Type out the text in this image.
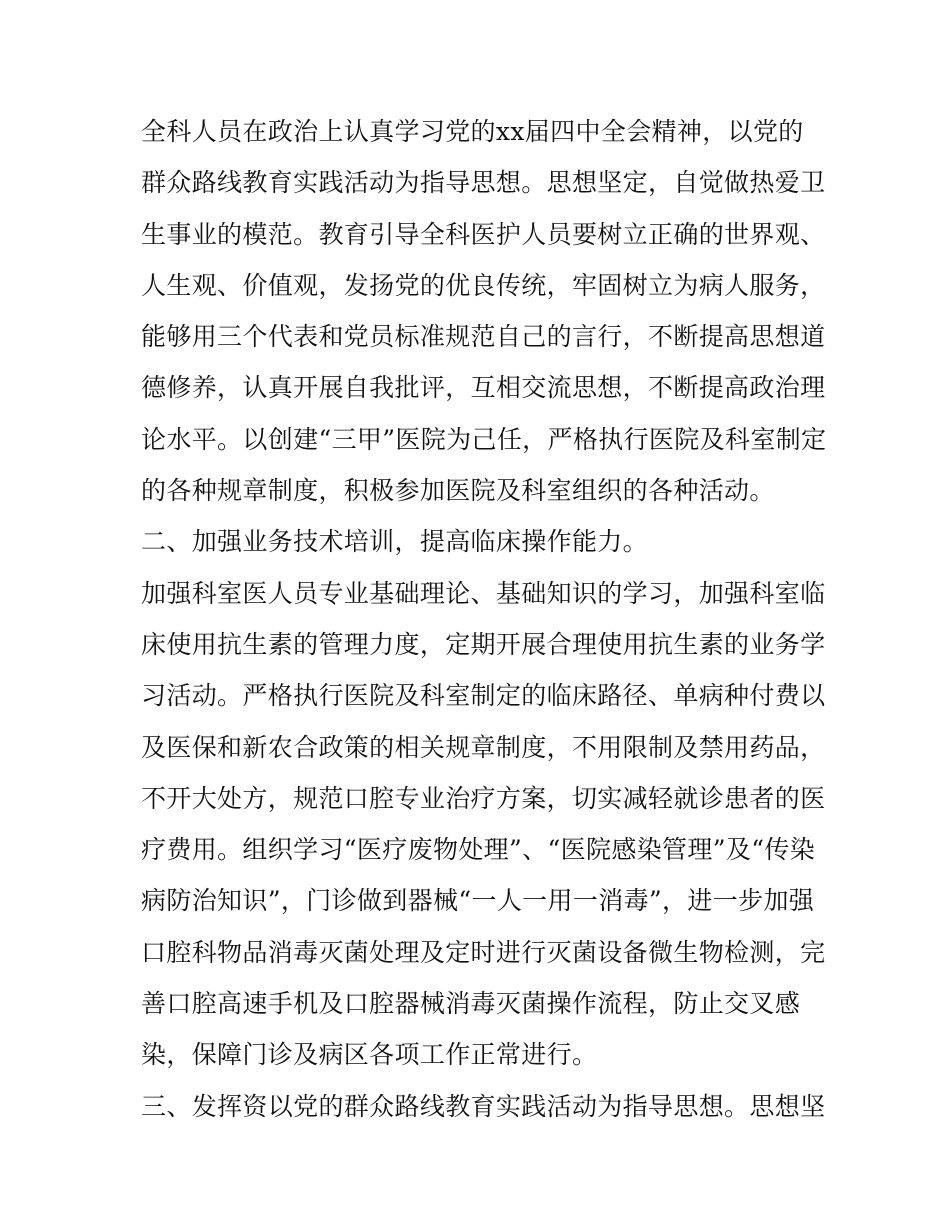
全科人员在政治上认真学习党的xx届四中全会精神，以党的
群众路线教育实践活动为指导思想。思想坚定，自觉做热爱卫
生事业的模范。教育引导全科医护人员要树立正确的世界观、
人生观、价值观，发扬党的优良传统，牢固树立为病人服务，
能够用三个代表和党员标准规范自己的言行，不断提高思想道
德修养，认真开展自我批评，互相交流思想，不断提高政治理
论水平。以创建“三甲”医院为己任，严格执行医院及科室制定
的各种规章制度，积极参加医院及科室组织的各种活动。
二、加强业务技术培训，提高临床操作能力。
加强科室医人员专业基础理论、基础知识的学习，加强科室临
床使用抗生素的管理力度，定期开展合理使用抗生素的业务学
习活动。严格执行医院及科室制定的临床路径、单病种付费以
及医保和新农合政策的相关规章制度，不用限制及禁用药品，
不开大处方，规范口腔专业治疗方案，切实减轻就诊患者的医
疗费用。组织学习“医疗废物处理”、“医院感染管理”及“传染
病防治知识”，门诊做到器械“一人一用一消毒”，进一步加强
口腔科物品消毒灭菌处理及定时进行灭菌设备微生物检测，完
善口腔高速手机及口腔器械消毒灭菌操作流程，防止交叉感
染，保障门诊及病区各项工作正常进行。
三、发挥资以党的群众路线教育实践活动为指导思想。思想坚
